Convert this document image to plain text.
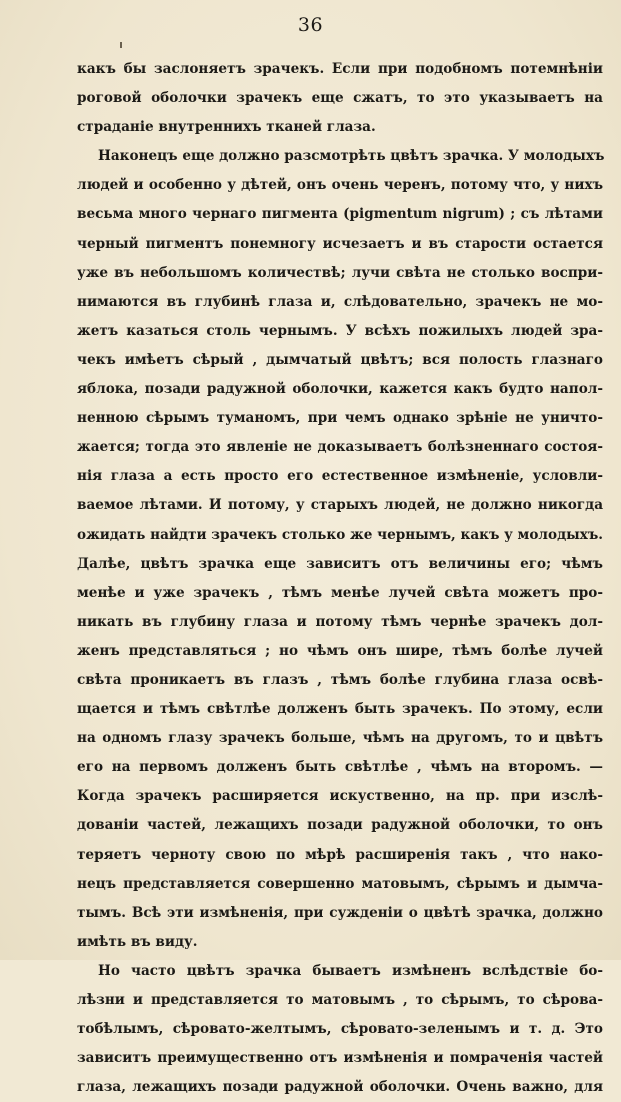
36
какъ бы заслоняетъ зрачекъ. Если при подобномъ потемнѣніи
роговой оболочки зрачекъ еще сжатъ, то это указываетъ на
страданіе внутреннихъ тканей глаза.
Наконецъ еще должно разсмотрѣть цвѣтъ зрачка. У молодыхъ
людей и особенно у дѣтей, онъ очень черенъ, потому что, у нихъ
весьма много чернаго пигмента (pigmentum nigrum) ; съ лѣтами
черный пигментъ понемногу исчезаетъ и въ старости остается
уже въ небольшомъ количествѣ; лучи свѣта не столько воспри-
нимаются въ глубинѣ глаза и, слѣдовательно, зрачекъ не мо-
жетъ казаться столь чернымъ. У всѣхъ пожилыхъ людей зра-
чекъ имѣетъ сѣрый , дымчатый цвѣтъ; вся полость глазнаго
яблока, позади радужной оболочки, кажется какъ будто напол-
ненною сѣрымъ туманомъ, при чемъ однако зрѣніе не уничто-
жается; тогда это явленіе не доказываетъ болѣзненнаго состоя-
нія глаза а есть просто его естественное измѣненіе, условли-
ваемое лѣтами. И потому, у старыхъ людей, не должно никогда
ожидать найдти зрачекъ столько же чернымъ, какъ у молодыхъ.
Далѣе, цвѣтъ зрачка еще зависитъ отъ величины его; чѣмъ
менѣе и уже зрачекъ , тѣмъ менѣе лучей свѣта можетъ про-
никать въ глубину глаза и потому тѣмъ чернѣе зрачекъ дол-
женъ представляться ; но чѣмъ онъ шире, тѣмъ болѣе лучей
свѣта проникаетъ въ глазъ , тѣмъ болѣе глубина глаза освѣ-
щается и тѣмъ свѣтлѣе долженъ быть зрачекъ. По этому, если
на одномъ глазу зрачекъ больше, чѣмъ на другомъ, то и цвѣтъ
его на первомъ долженъ быть свѣтлѣе , чѣмъ на второмъ. —
Когда зрачекъ расширяется искуственно, на пр. при изслѣ-
дованіи частей, лежащихъ позади радужной оболочки, то онъ
теряетъ черноту свою по мѣрѣ расширенія такъ , что нако-
нецъ представляется совершенно матовымъ, сѣрымъ и дымча-
тымъ. Всѣ эти измѣненія, при сужденіи о цвѣтѣ зрачка, должно
имѣть въ виду.
Но часто цвѣтъ зрачка бываетъ измѣненъ вслѣдствіе бо-
лѣзни и представляется то матовымъ , то сѣрымъ, то сѣрова-
тобѣлымъ, сѣровато-желтымъ, сѣровато-зеленымъ и т. д. Это
зависитъ преимущественно отъ измѣненія и помраченія частей
глаза, лежащихъ позади радужной оболочки. Очень важно, для
